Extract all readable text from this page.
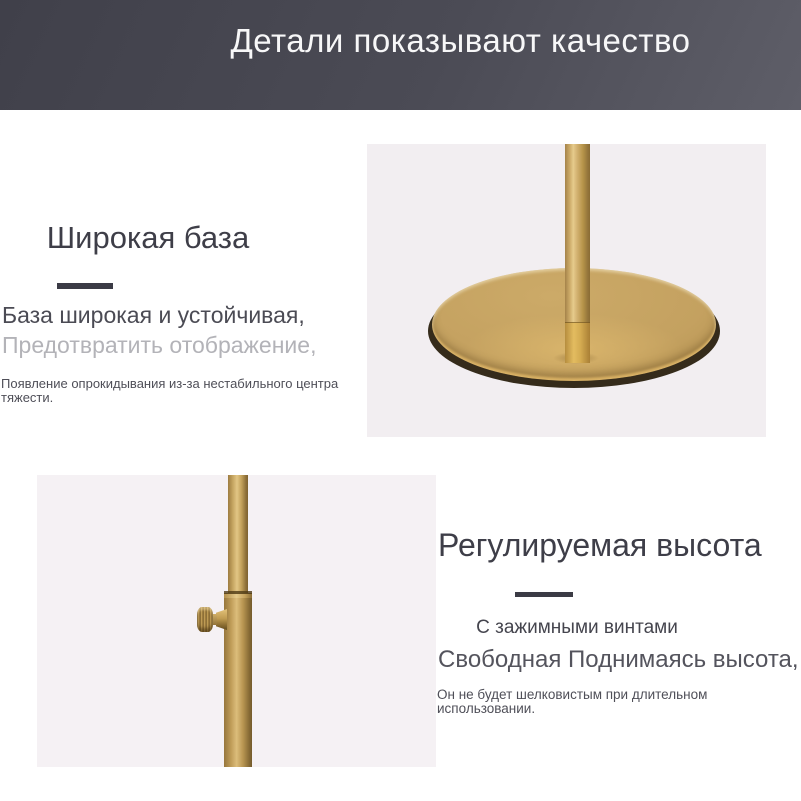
Детали показывают качество
Широкая база
База широкая и устойчивая,
Предотвратить отображение,
Появление опрокидывания из-за нестабильного центра тяжести.
Регулируемая высота
С зажимными винтами
Свободная Поднимаясь высота,
Он не будет шелковистым при длительном использовании.
